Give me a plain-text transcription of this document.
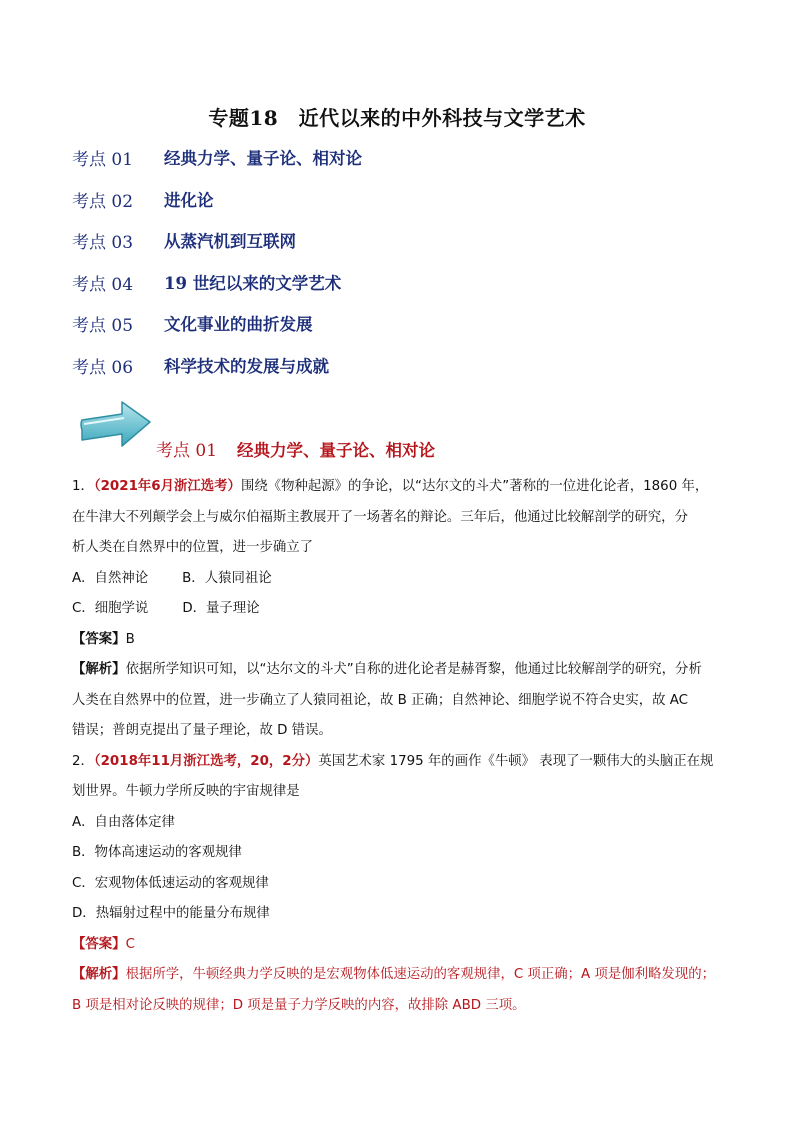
专题18　近代以来的中外科技与文学艺术
考点 01	经典力学、量子论、相对论
考点 02	进化论
考点 03	从蒸汽机到互联网
考点 04	19 世纪以来的文学艺术
考点 05	文化事业的曲折发展
考点 06	科学技术的发展与成就
考点 01 经典力学、量子论、相对论
1．（2021年6月浙江选考）围绕《物种起源》的争论，以“达尔文的斗犬”著称的一位进化论者，1860 年，
在牛津大不列颠学会上与威尔伯福斯主教展开了一场著名的辩论。三年后，他通过比较解剖学的研究，分
析人类在自然界中的位置，进一步确立了
A．自然神论	B．人猿同祖论
C．细胞学说	D．量子理论
【答案】B
【解析】依据所学知识可知，以“达尔文的斗犬”自称的进化论者是赫胥黎，他通过比较解剖学的研究，分析
人类在自然界中的位置，进一步确立了人猿同祖论，故 B 正确；自然神论、细胞学说不符合史实，故 AC
错误；普朗克提出了量子理论，故 D 错误。
2．（2018年11月浙江选考，20，2分）英国艺术家 1795 年的画作《牛顿》 表现了一颗伟大的头脑正在规
划世界。牛顿力学所反映的宇宙规律是
A．自由落体定律
B．物体高速运动的客观规律
C．宏观物体低速运动的客观规律
D．热辐射过程中的能量分布规律
【答案】C
【解析】根据所学，牛顿经典力学反映的是宏观物体低速运动的客观规律，C 项正确；A 项是伽利略发现的；
B 项是相对论反映的规律；D 项是量子力学反映的内容，故排除 ABD 三项。
